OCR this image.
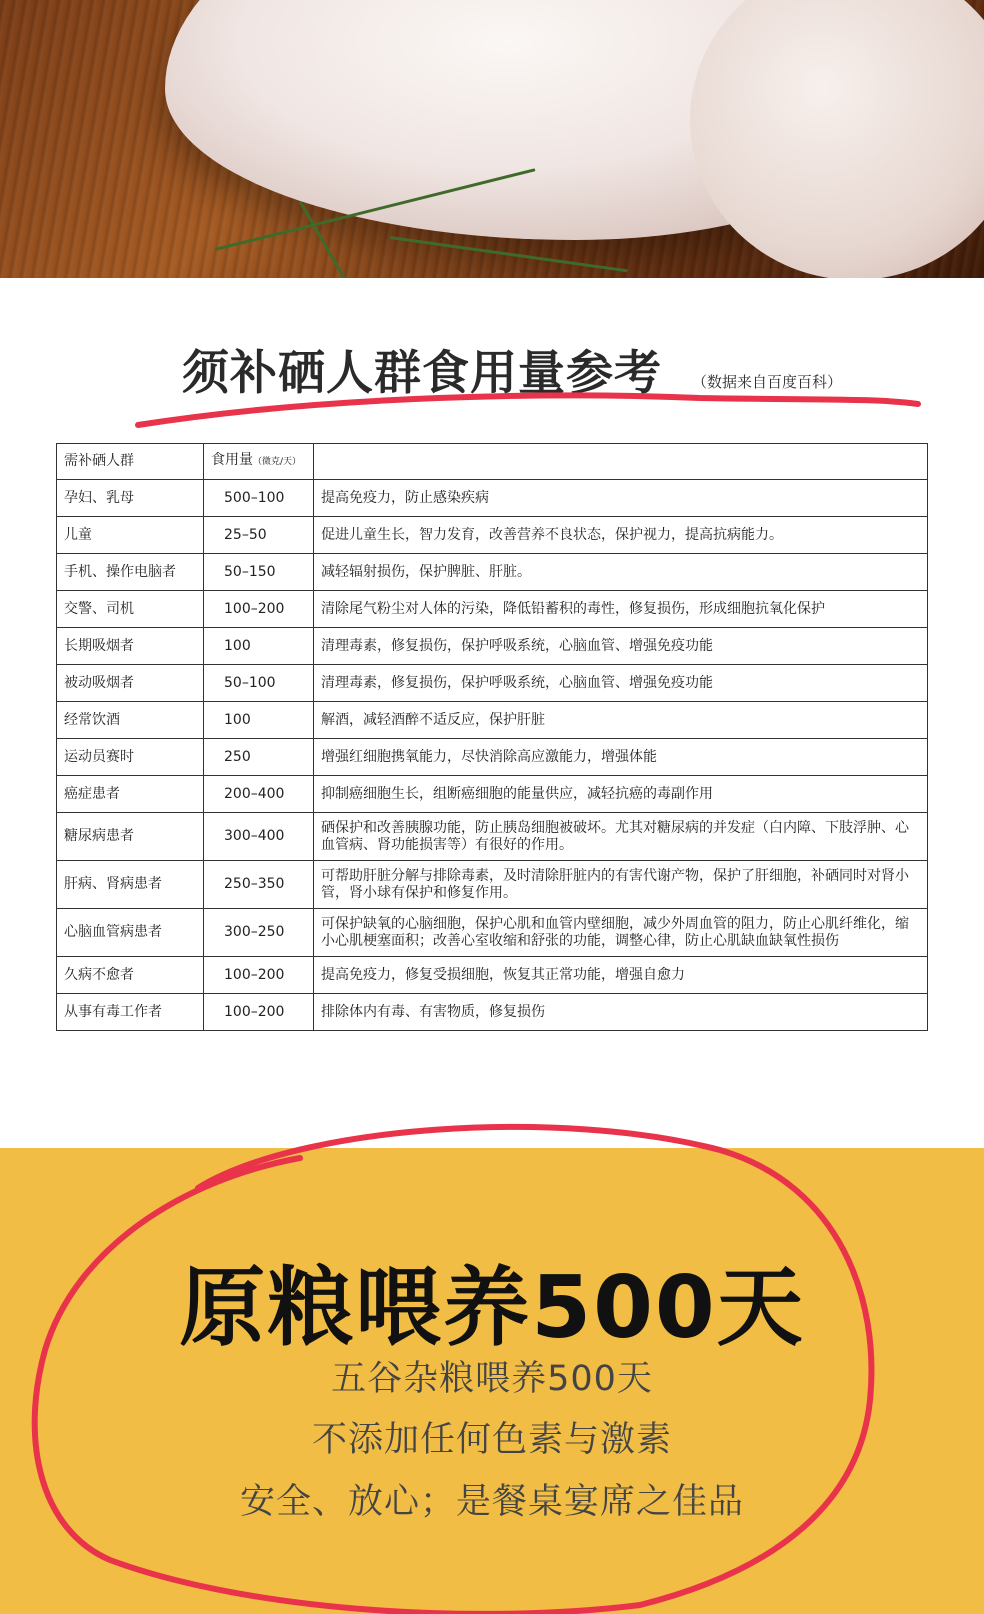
须补硒人群食用量参考 （数据来自百度百科）
需补硒人群	食用量（微克/天）	
孕妇、乳母	500–100	提高免疫力，防止感染疾病
儿童	25–50	促进儿童生长，智力发育，改善营养不良状态，保护视力，提高抗病能力。
手机、操作电脑者	50–150	减轻辐射损伤，保护脾脏、肝脏。
交警、司机	100–200	清除尾气粉尘对人体的污染，降低铅蓄积的毒性，修复损伤，形成细胞抗氧化保护
长期吸烟者	100	清理毒素，修复损伤，保护呼吸系统，心脑血管、增强免疫功能
被动吸烟者	50–100	清理毒素，修复损伤，保护呼吸系统，心脑血管、增强免疫功能
经常饮酒	100	解酒，减轻酒醉不适反应，保护肝脏
运动员赛时	250	增强红细胞携氧能力，尽快消除高应激能力，增强体能
癌症患者	200–400	抑制癌细胞生长，组断癌细胞的能量供应，减轻抗癌的毒副作用
糖尿病患者	300–400	硒保护和改善胰腺功能，防止胰岛细胞被破坏。尤其对糖尿病的并发症（白内障、下肢浮肿、心血管病、肾功能损害等）有很好的作用。
肝病、肾病患者	250–350	可帮助肝脏分解与排除毒素，及时清除肝脏内的有害代谢产物，保护了肝细胞，补硒同时对肾小管，肾小球有保护和修复作用。
心脑血管病患者	300–250	可保护缺氧的心脑细胞，保护心肌和血管内壁细胞，减少外周血管的阻力，防止心肌纤维化，缩小心肌梗塞面积；改善心室收缩和舒张的功能，调整心律，防止心肌缺血缺氧性损伤
久病不愈者	100–200	提高免疫力，修复受损细胞，恢复其正常功能，增强自愈力
从事有毒工作者	100–200	排除体内有毒、有害物质，修复损伤
原粮喂养500天
五谷杂粮喂养500天
不添加任何色素与激素
安全、放心；是餐桌宴席之佳品
